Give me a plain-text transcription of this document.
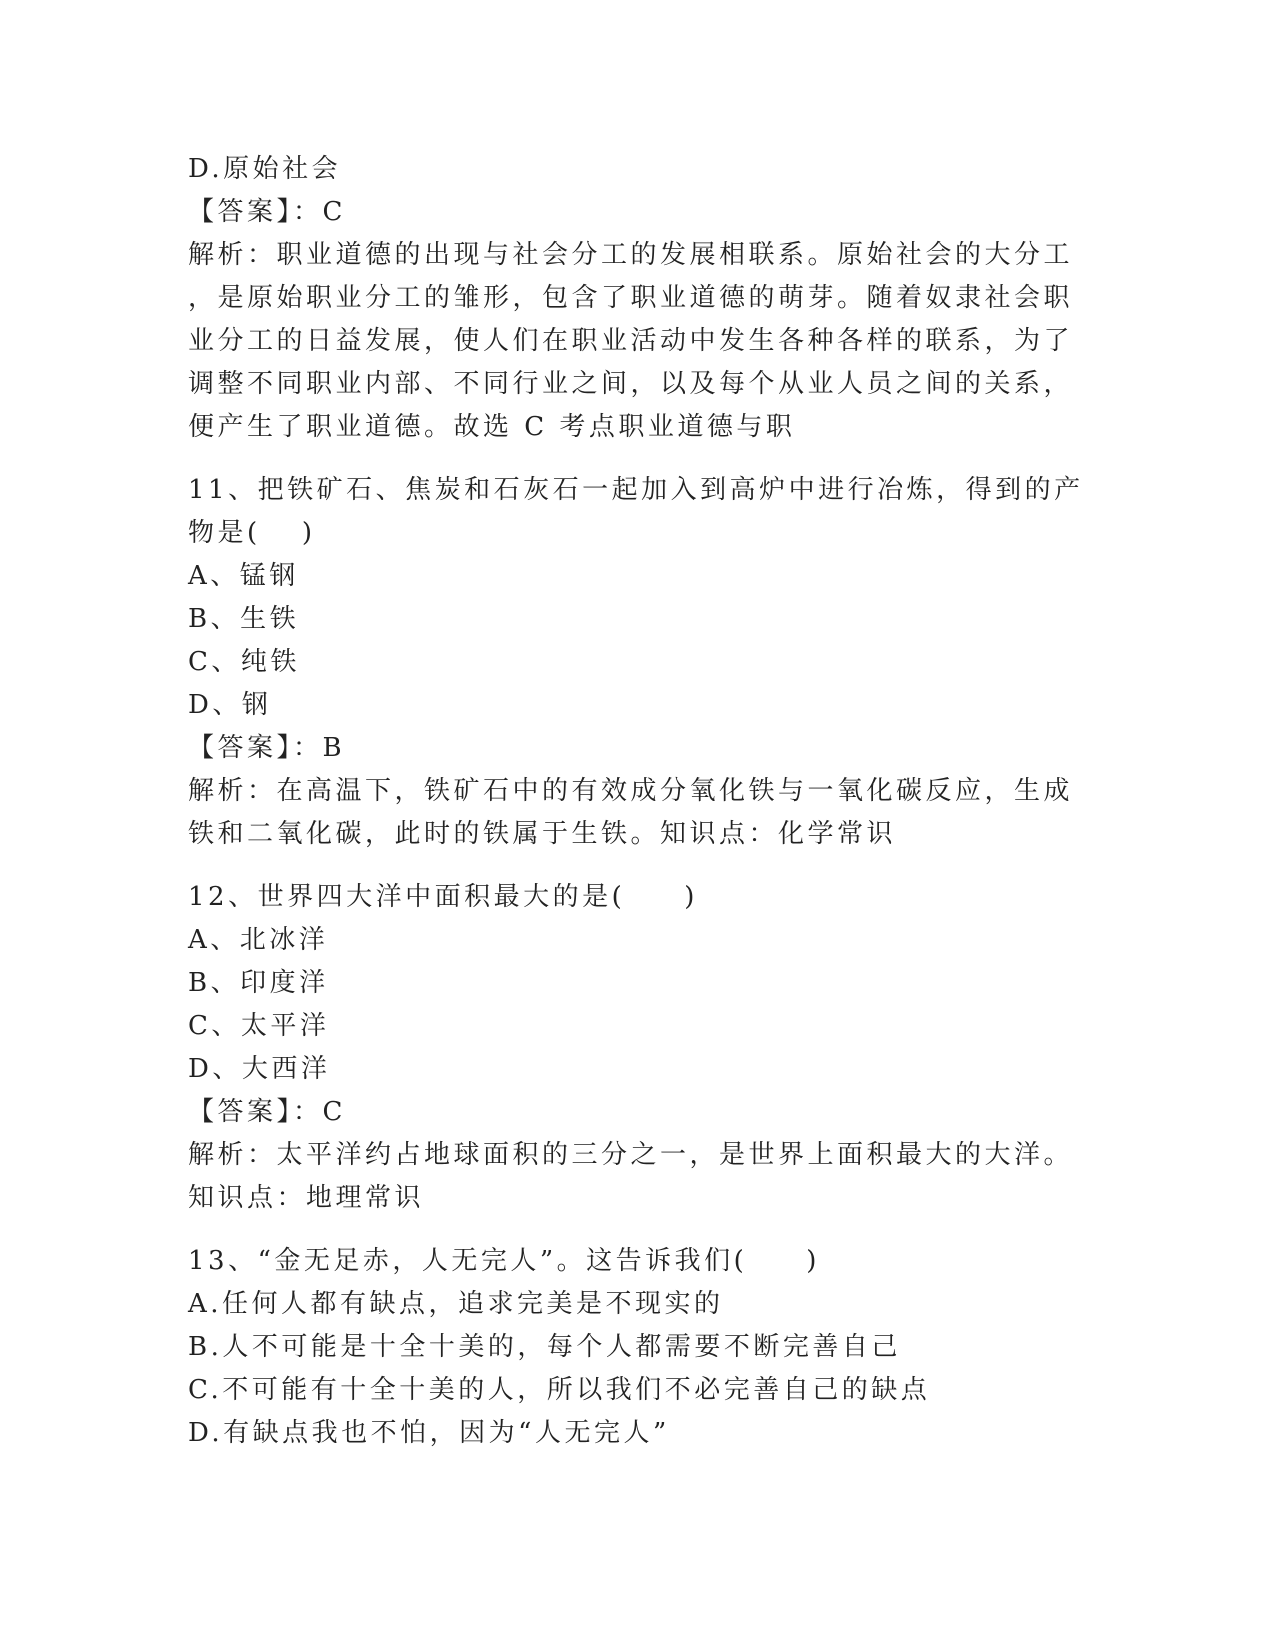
D.原始社会
【答案】：C
解析：职业道德的出现与社会分工的发展相联系。原始社会的大分工
，是原始职业分工的雏形，包含了职业道德的萌芽。随着奴隶社会职
业分工的日益发展，使人们在职业活动中发生各种各样的联系，为了
调整不同职业内部、不同行业之间，以及每个从业人员之间的关系，
便产生了职业道德。故选 C 考点职业道德与职
11、把铁矿石、焦炭和石灰石一起加入到高炉中进行冶炼，得到的产
物是(　 )
A、锰钢
B、生铁
C、纯铁
D、钢
【答案】：B
解析：在高温下，铁矿石中的有效成分氧化铁与一氧化碳反应，生成
铁和二氧化碳，此时的铁属于生铁。知识点：化学常识
12、世界四大洋中面积最大的是(　　)
A、北冰洋
B、印度洋
C、太平洋
D、大西洋
【答案】：C
解析：太平洋约占地球面积的三分之一，是世界上面积最大的大洋。
知识点：地理常识
13、“金无足赤，人无完人”。这告诉我们(　　)
A.任何人都有缺点，追求完美是不现实的
B.人不可能是十全十美的，每个人都需要不断完善自己
C.不可能有十全十美的人，所以我们不必完善自己的缺点
D.有缺点我也不怕，因为“人无完人”
